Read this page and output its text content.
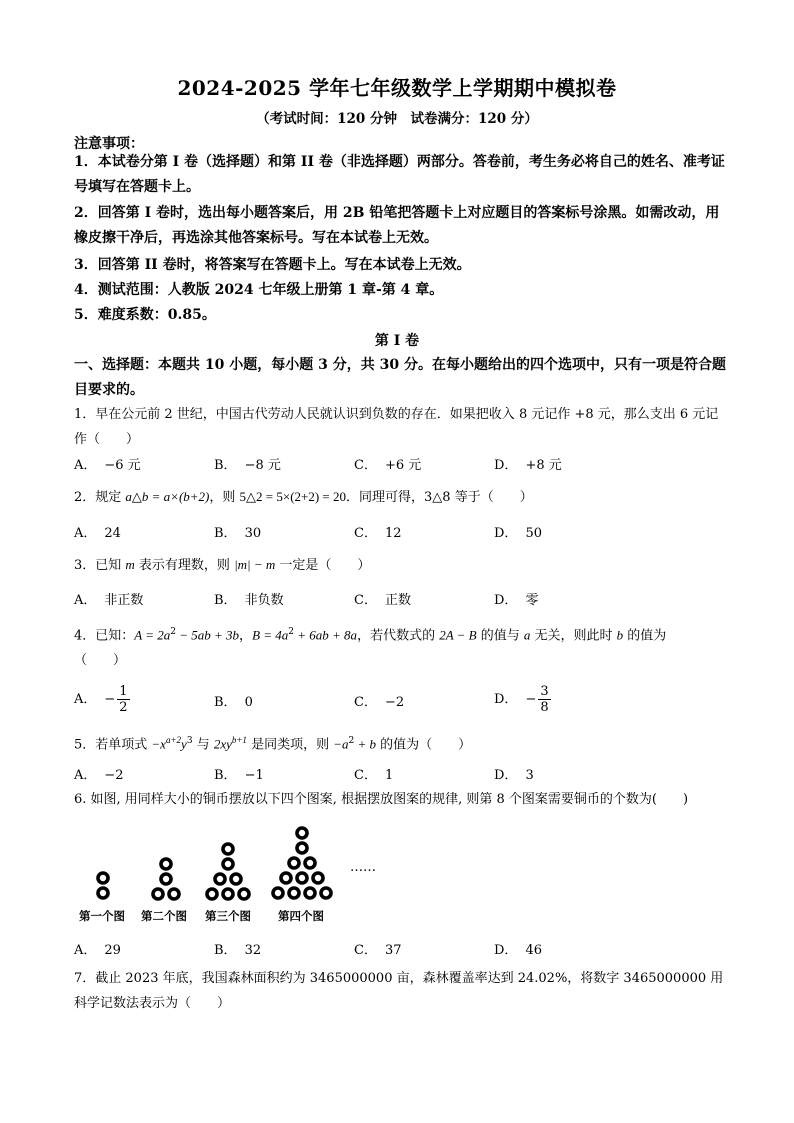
2024-2025 学年七年级数学上学期期中模拟卷
（考试时间：120 分钟　试卷满分：120 分）
注意事项：
1．本试卷分第 I 卷（选择题）和第 II 卷（非选择题）两部分。答卷前，考生务必将自己的姓名、准考证号填写在答题卡上。
2．回答第 I 卷时，选出每小题答案后，用 2B 铅笔把答题卡上对应题目的答案标号涂黑。如需改动，用橡皮擦干净后，再选涂其他答案标号。写在本试卷上无效。
3．回答第 II 卷时，将答案写在答题卡上。写在本试卷上无效。
4．测试范围：人教版 2024 七年级上册第 1 章-第 4 章。
5．难度系数：0.85。
第 I 卷
一、选择题：本题共 10 小题，每小题 3 分，共 30 分。在每小题给出的四个选项中，只有一项是符合题目要求的。
1．早在公元前 2 世纪，中国古代劳动人民就认识到负数的存在．如果把收入 8 元记作 +8 元，那么支出 6 元记作（　　）
A． −6 元	B． −8 元	C． +6 元	D． +8 元
2．规定 a△b = a×(b+2)，则 5△2 = 5×(2+2) = 20．同理可得，3△8 等于（　　）
A． 24	B． 30	C． 12	D． 50
3．已知 m 表示有理数，则 |m| − m 一定是（　　）
A． 非正数	B． 非负数	C． 正数	D． 零
4．已知：$A = 2a^2 - 5ab + 3b$，$B = 4a^2 + 6ab + 8a$，若代数式的 2A − B 的值与 a 无关，则此时 b 的值为
（　　）
A． − $\frac{1}{2}$	B． 0	C． −2	D． − $\frac{3}{8}$
5．若单项式 $-x^{a+2}y^3$ 与 $2xy^{b+1}$ 是同类项，则 $-a^2 + b$ 的值为（　　）
A． −2	B． −1	C． 1	D． 3
6. 如图, 用同样大小的铜币摆放以下四个图案, 根据摆放图案的规律, 则第 8 个图案需要铜币的个数为(　　)
……
第一个图 第二个图 第三个图 第四个图
A． 29	B． 32	C． 37	D． 46
7．截止 2023 年底，我国森林面积约为 3465000000 亩，森林覆盖率达到 24.02%，将数字 3465000000 用科学记数法表示为（　　）
